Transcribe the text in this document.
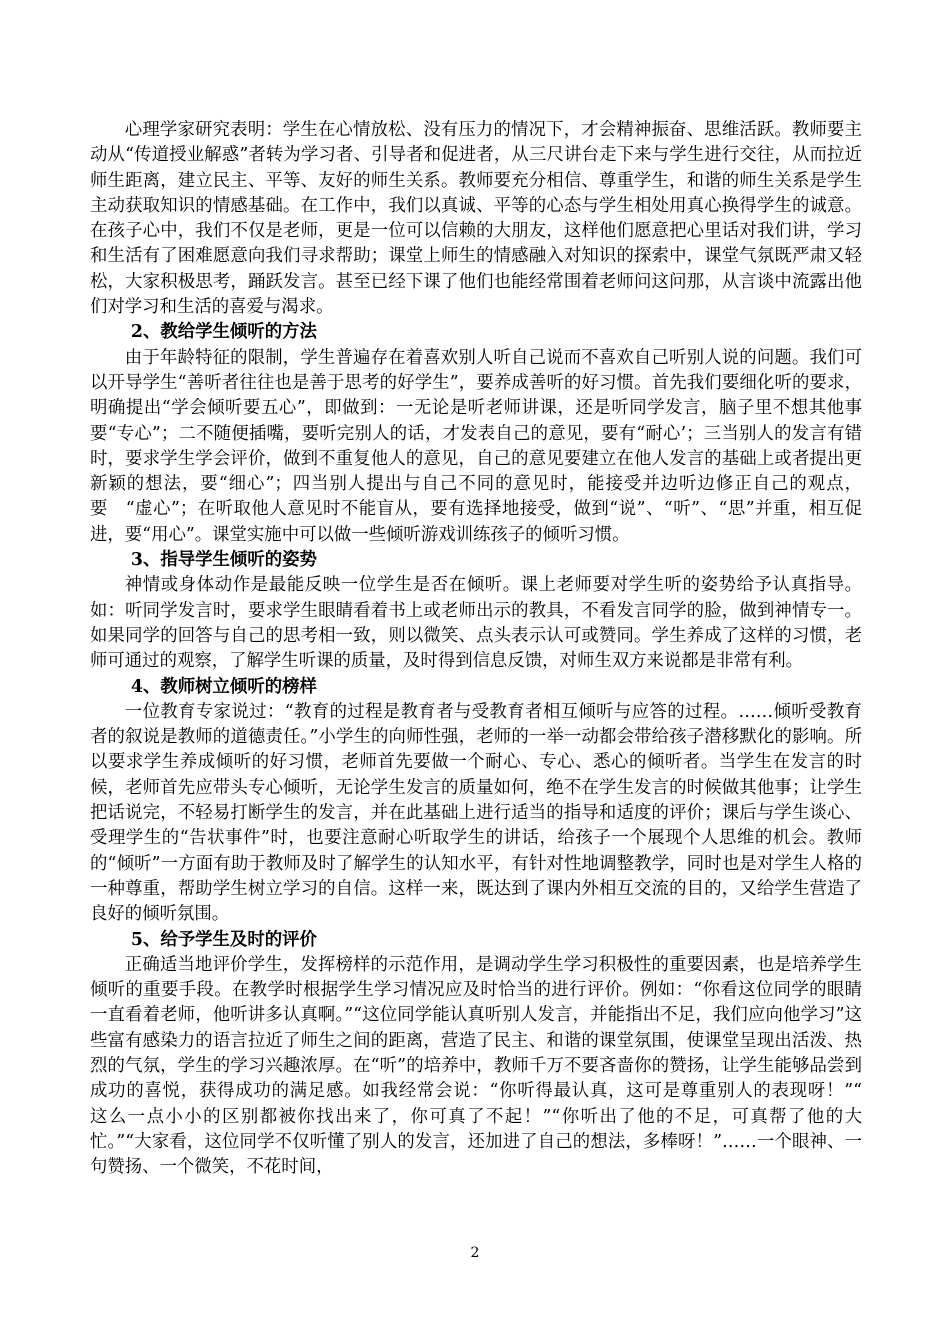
心理学家研究表明：学生在心情放松、没有压力的情况下，才会精神振奋、思维活跃。教师要主动从“传道授业解惑”者转为学习者、引导者和促进者，从三尺讲台走下来与学生进行交往，从而拉近师生距离，建立民主、平等、友好的师生关系。教师要充分相信、尊重学生，和谐的师生关系是学生主动获取知识的情感基础。在工作中，我们以真诚、平等的心态与学生相处用真心换得学生的诚意。在孩子心中，我们不仅是老师，更是一位可以信赖的大朋友，这样他们愿意把心里话对我们讲，学习和生活有了困难愿意向我们寻求帮助；课堂上师生的情感融入对知识的探索中，课堂气氛既严肃又轻松，大家积极思考，踊跃发言。甚至已经下课了他们也能经常围着老师问这问那，从言谈中流露出他们对学习和生活的喜爱与渴求。

2、教给学生倾听的方法

由于年龄特征的限制，学生普遍存在着喜欢别人听自己说而不喜欢自己听别人说的问题。我们可以开导学生“善听者往往也是善于思考的好学生”，要养成善听的好习惯。首先我们要细化听的要求，明确提出“学会倾听要五心”，即做到：一无论是听老师讲课，还是听同学发言，脑子里不想其他事要“专心”；二不随便插嘴，要听完别人的话，才发表自己的意见，要有“耐心’；三当别人的发言有错时，要求学生学会评价，做到不重复他人的意见，自己的意见要建立在他人发言的基础上或者提出更新颖的想法，要“细心”；四当别人提出与自己不同的意见时，能接受并边听边修正自己的观点，要　“虚心”；在听取他人意见时不能盲从，要有选择地接受，做到“说”、“听”、“思”并重，相互促进，要“用心”。课堂实施中可以做一些倾听游戏训练孩子的倾听习惯。

3、指导学生倾听的姿势

神情或身体动作是最能反映一位学生是否在倾听。课上老师要对学生听的姿势给予认真指导。如：听同学发言时，要求学生眼睛看着书上或老师出示的教具，不看发言同学的脸，做到神情专一。如果同学的回答与自己的思考相一致，则以微笑、点头表示认可或赞同。学生养成了这样的习惯，老师可通过的观察，了解学生听课的质量，及时得到信息反馈，对师生双方来说都是非常有利。

4、教师树立倾听的榜样

一位教育专家说过：“教育的过程是教育者与受教育者相互倾听与应答的过程。……倾听受教育者的叙说是教师的道德责任。”小学生的向师性强，老师的一举一动都会带给孩子潜移默化的影响。所以要求学生养成倾听的好习惯，老师首先要做一个耐心、专心、悉心的倾听者。当学生在发言的时候，老师首先应带头专心倾听，无论学生发言的质量如何，绝不在学生发言的时候做其他事；让学生把话说完，不轻易打断学生的发言，并在此基础上进行适当的指导和适度的评价；课后与学生谈心、受理学生的“告状事件”时，也要注意耐心听取学生的讲话，给孩子一个展现个人思维的机会。教师的“倾听”一方面有助于教师及时了解学生的认知水平，有针对性地调整教学，同时也是对学生人格的一种尊重，帮助学生树立学习的自信。这样一来，既达到了课内外相互交流的目的，又给学生营造了良好的倾听氛围。

5、给予学生及时的评价

正确适当地评价学生，发挥榜样的示范作用，是调动学生学习积极性的重要因素，也是培养学生倾听的重要手段。在教学时根据学生学习情况应及时恰当的进行评价。例如：“你看这位同学的眼睛一直看着老师，他听讲多认真啊。”“这位同学能认真听别人发言，并能指出不足，我们应向他学习”这些富有感染力的语言拉近了师生之间的距离，营造了民主、和谐的课堂氛围，使课堂呈现出活泼、热烈的气氛，学生的学习兴趣浓厚。在“听”的培养中，教师千万不要吝啬你的赞扬，让学生能够品尝到成功的喜悦，获得成功的满足感。如我经常会说：“你听得最认真，这可是尊重别人的表现呀！”“　这么一点小小的区别都被你找出来了，你可真了不起！”“你听出了他的不足，可真帮了他的大忙。”“大家看，这位同学不仅听懂了别人的发言，还加进了自己的想法，多棒呀！”……一个眼神、一句赞扬、一个微笑，不花时间，

2
